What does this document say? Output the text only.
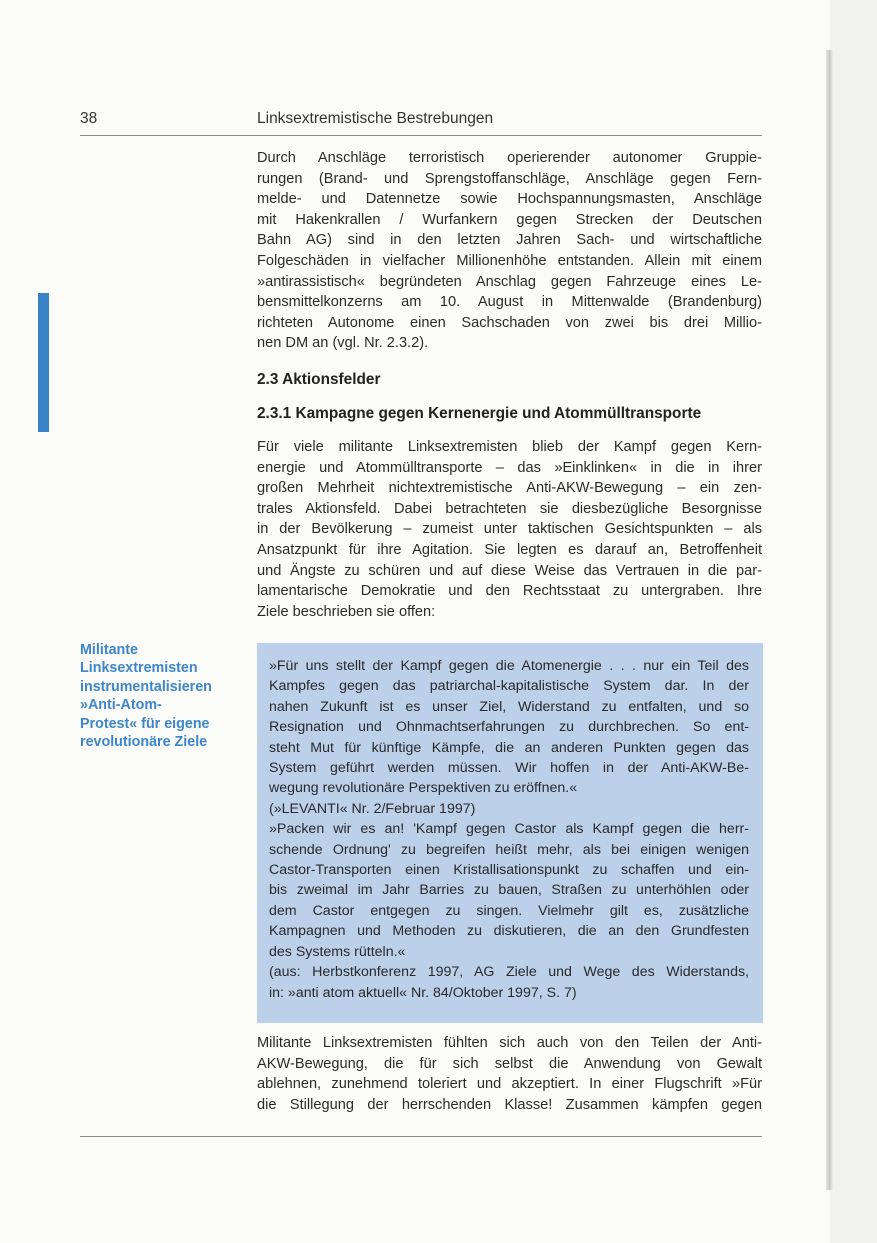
38	Linksextremistische Bestrebungen
Durch Anschläge terroristisch operierender autonomer Gruppie-
rungen (Brand- und Sprengstoffanschläge, Anschläge gegen Fern-
melde- und Datennetze sowie Hochspannungsmasten, Anschläge
mit Hakenkrallen / Wurfankern gegen Strecken der Deutschen
Bahn AG) sind in den letzten Jahren Sach- und wirtschaftliche
Folgeschäden in vielfacher Millionenhöhe entstanden. Allein mit einem
»antirassistisch« begründeten Anschlag gegen Fahrzeuge eines Le-
bensmittelkonzerns am 10. August in Mittenwalde (Brandenburg)
richteten Autonome einen Sachschaden von zwei bis drei Millio-
nen DM an (vgl. Nr. 2.3.2).
2.3 Aktionsfelder
2.3.1 Kampagne gegen Kernenergie und Atommülltransporte
Für viele militante Linksextremisten blieb der Kampf gegen Kern-
energie und Atommülltransporte – das »Einklinken« in die in ihrer
großen Mehrheit nichtextremistische Anti-AKW-Bewegung – ein zen-
trales Aktionsfeld. Dabei betrachteten sie diesbezügliche Besorgnisse
in der Bevölkerung – zumeist unter taktischen Gesichtspunkten – als
Ansatzpunkt für ihre Agitation. Sie legten es darauf an, Betroffenheit
und Ängste zu schüren und auf diese Weise das Vertrauen in die par-
lamentarische Demokratie und den Rechtsstaat zu untergraben. Ihre
Ziele beschrieben sie offen:
Militante
Linksextremisten
instrumentalisieren
»Anti-Atom-
Protest« für eigene
revolutionäre Ziele
»Für uns stellt der Kampf gegen die Atomenergie . . . nur ein Teil des
Kampfes gegen das patriarchal-kapitalistische System dar. In der
nahen Zukunft ist es unser Ziel, Widerstand zu entfalten, und so
Resignation und Ohnmachtserfahrungen zu durchbrechen. So ent-
steht Mut für künftige Kämpfe, die an anderen Punkten gegen das
System geführt werden müssen. Wir hoffen in der Anti-AKW-Be-
wegung revolutionäre Perspektiven zu eröffnen.«
(»LEVANTI« Nr. 2/Februar 1997)
»Packen wir es an! 'Kampf gegen Castor als Kampf gegen die herr-
schende Ordnung' zu begreifen heißt mehr, als bei einigen wenigen
Castor-Transporten einen Kristallisationspunkt zu schaffen und ein-
bis zweimal im Jahr Barries zu bauen, Straßen zu unterhöhlen oder
dem Castor entgegen zu singen. Vielmehr gilt es, zusätzliche
Kampagnen und Methoden zu diskutieren, die an den Grundfesten
des Systems rütteln.«
(aus: Herbstkonferenz 1997, AG Ziele und Wege des Widerstands,
in: »anti atom aktuell« Nr. 84/Oktober 1997, S. 7)
Militante Linksextremisten fühlten sich auch von den Teilen der Anti-
AKW-Bewegung, die für sich selbst die Anwendung von Gewalt
ablehnen, zunehmend toleriert und akzeptiert. In einer Flugschrift »Für
die Stillegung der herrschenden Klasse! Zusammen kämpfen gegen
